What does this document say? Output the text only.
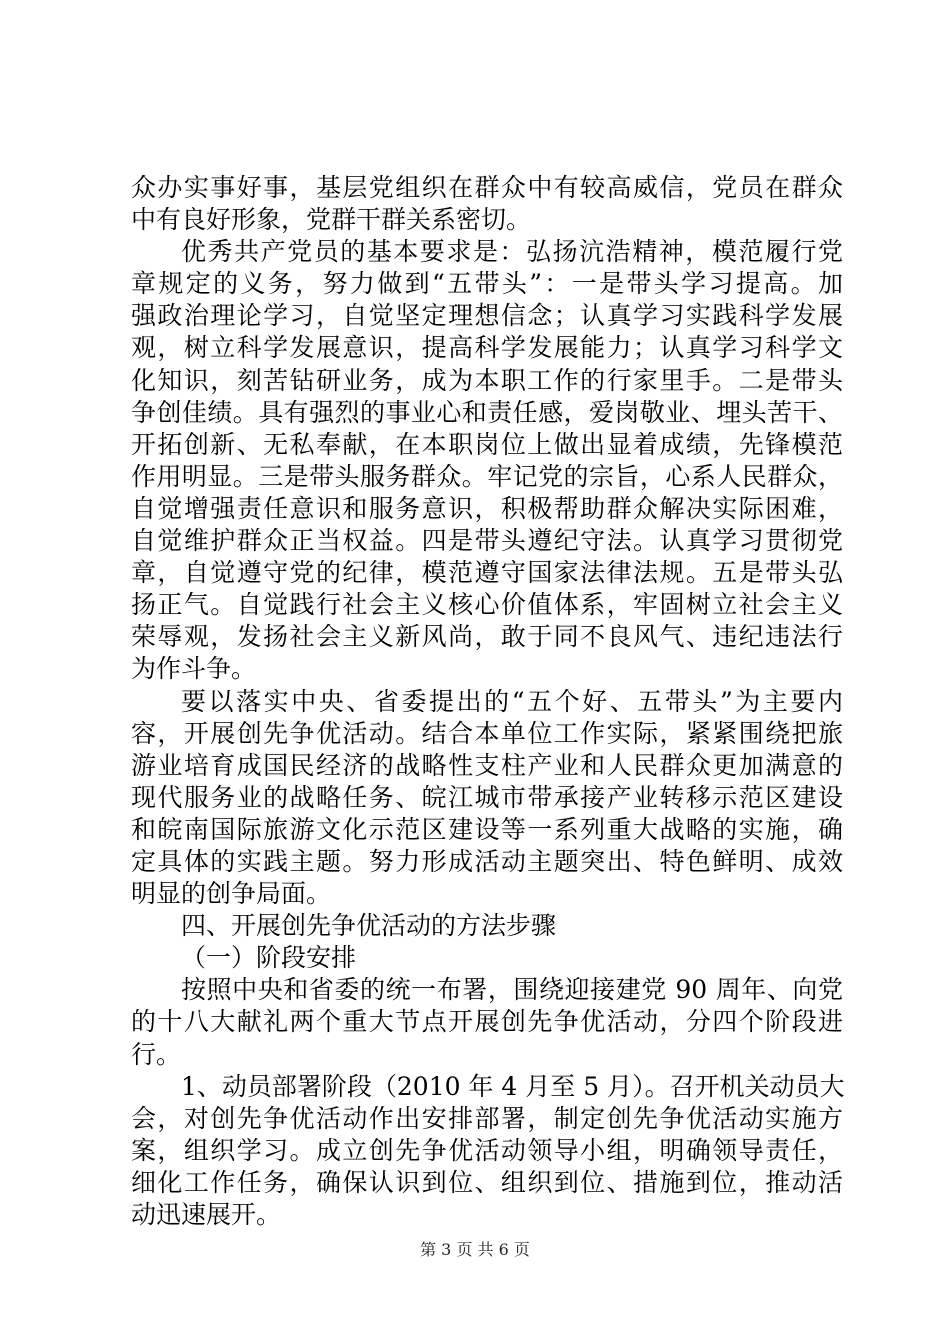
众办实事好事，基层党组织在群众中有较高威信，党员在群众
中有良好形象，党群干群关系密切。
优秀共产党员的基本要求是：弘扬沆浩精神，模范履行党
章规定的义务，努力做到“五带头”：一是带头学习提高。加
强政治理论学习，自觉坚定理想信念；认真学习实践科学发展
观，树立科学发展意识，提高科学发展能力；认真学习科学文
化知识，刻苦钻研业务，成为本职工作的行家里手。二是带头
争创佳绩。具有强烈的事业心和责任感，爱岗敬业、埋头苦干、
开拓创新、无私奉献，在本职岗位上做出显着成绩，先锋模范
作用明显。三是带头服务群众。牢记党的宗旨，心系人民群众，
自觉增强责任意识和服务意识，积极帮助群众解决实际困难，
自觉维护群众正当权益。四是带头遵纪守法。认真学习贯彻党
章，自觉遵守党的纪律，模范遵守国家法律法规。五是带头弘
扬正气。自觉践行社会主义核心价值体系，牢固树立社会主义
荣辱观，发扬社会主义新风尚，敢于同不良风气、违纪违法行
为作斗争。
要以落实中央、省委提出的“五个好、五带头”为主要内
容，开展创先争优活动。结合本单位工作实际，紧紧围绕把旅
游业培育成国民经济的战略性支柱产业和人民群众更加满意的
现代服务业的战略任务、皖江城市带承接产业转移示范区建设
和皖南国际旅游文化示范区建设等一系列重大战略的实施，确
定具体的实践主题。努力形成活动主题突出、特色鲜明、成效
明显的创争局面。
四、开展创先争优活动的方法步骤
（一）阶段安排
按照中央和省委的统一布署，围绕迎接建党 90 周年、向党
的十八大献礼两个重大节点开展创先争优活动，分四个阶段进
行。
1、动员部署阶段（2010 年 4 月至 5 月）。召开机关动员大
会，对创先争优活动作出安排部署，制定创先争优活动实施方
案，组织学习。成立创先争优活动领导小组，明确领导责任，
细化工作任务，确保认识到位、组织到位、措施到位，推动活
动迅速展开。
第 3 页 共 6 页
